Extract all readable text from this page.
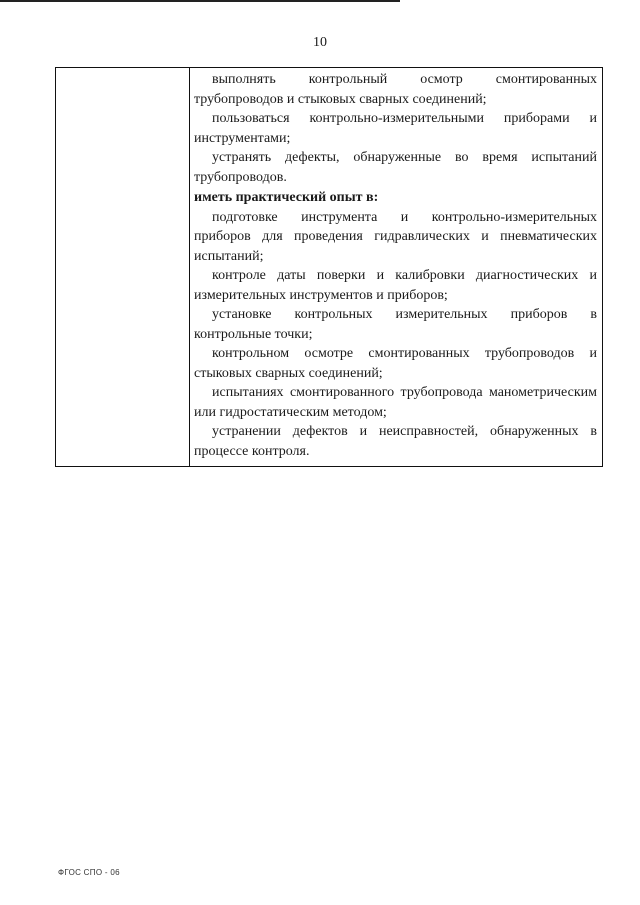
10

выполнять контрольный осмотр смонтированных трубопроводов и стыковых сварных соединений;

пользоваться контрольно-измерительными приборами и инструментами;

устранять дефекты, обнаруженные во время испытаний трубопроводов.

иметь практический опыт в:

подготовке инструмента и контрольно-измерительных приборов для проведения гидравлических и пневматических испытаний;

контроле даты поверки и калибровки диагностических и измерительных инструментов и приборов;

установке контрольных измерительных приборов в контрольные точки;

контрольном осмотре смонтированных трубопроводов и стыковых сварных соединений;

испытаниях смонтированного трубопровода манометрическим или гидростатическим методом;

устранении дефектов и неисправностей, обнаруженных в процессе контроля.

ФГОС СПО - 06
